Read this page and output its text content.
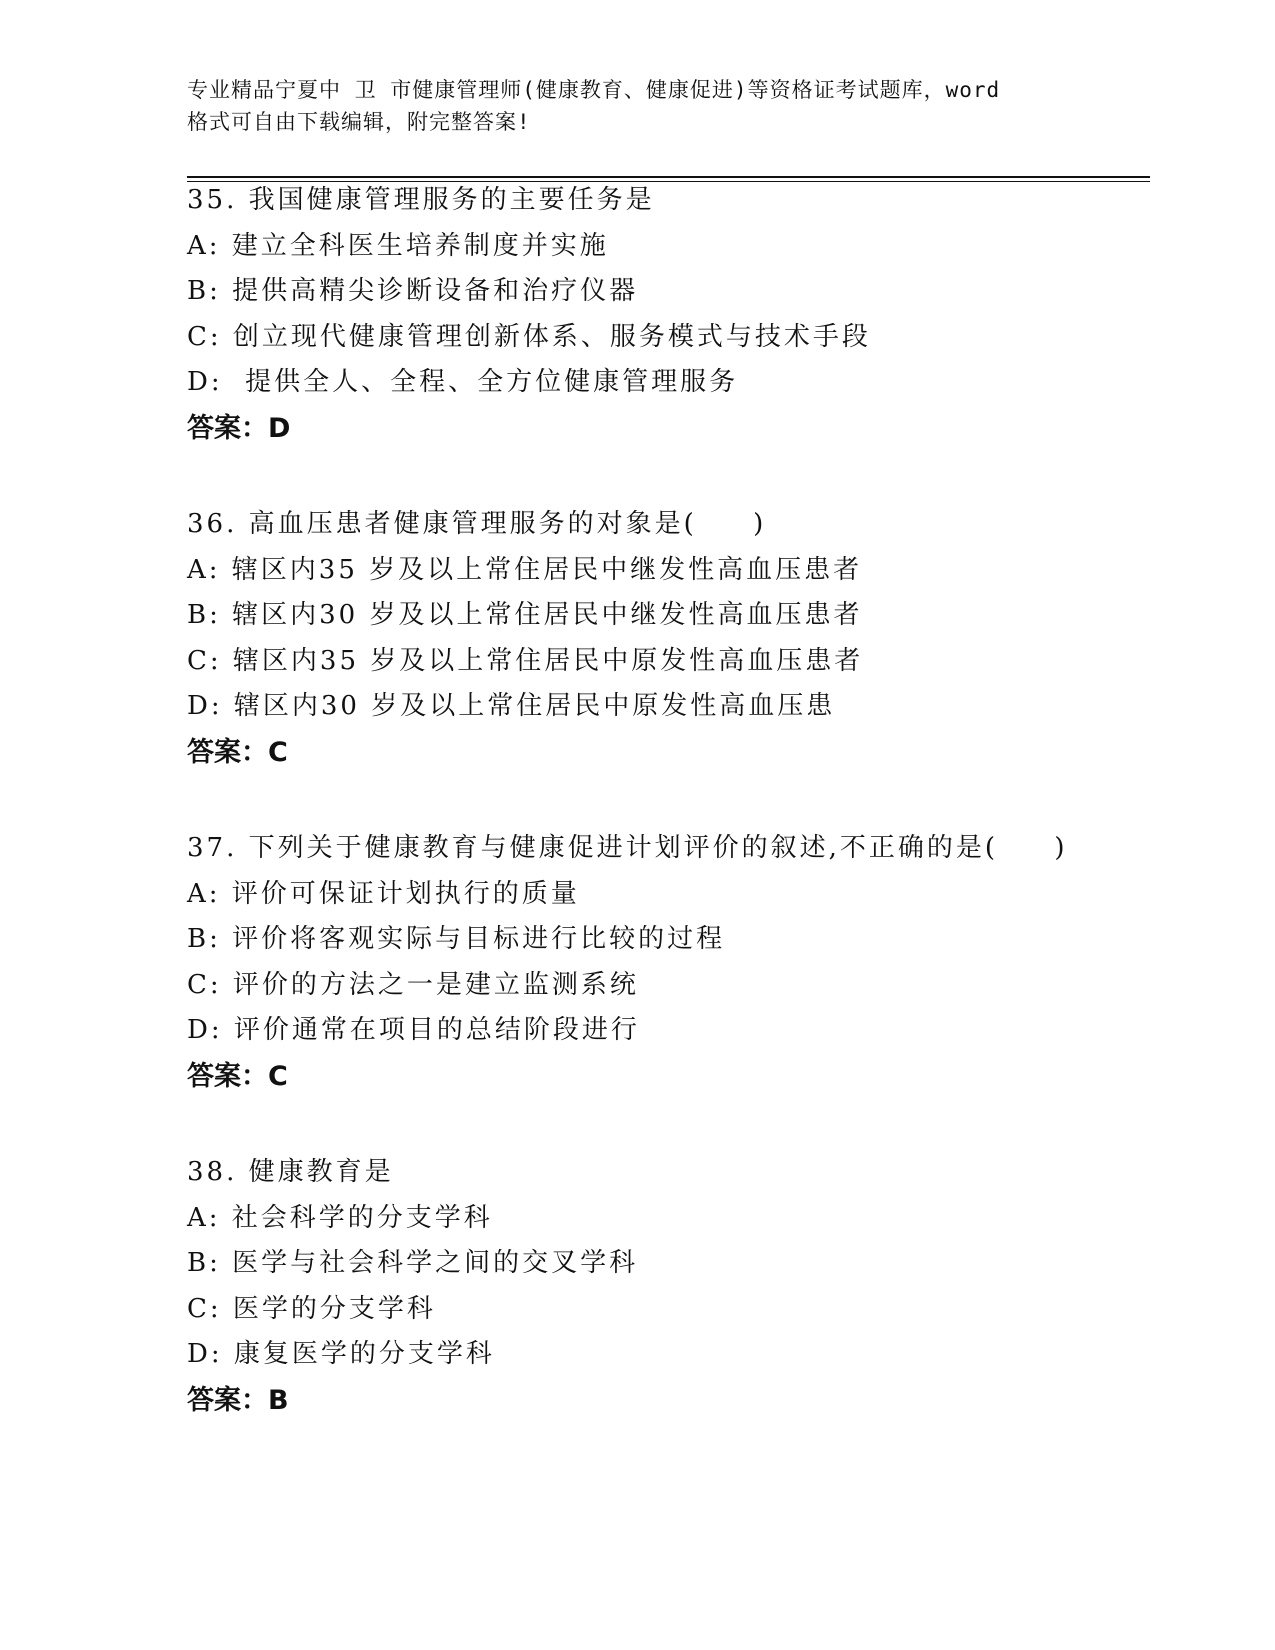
专业精品宁夏中 卫 市健康管理师(健康教育、健康促进)等资格证考试题库，word
格式可自由下载编辑，附完整答案!
35. 我国健康管理服务的主要任务是
A: 建立全科医生培养制度并实施
B: 提供高精尖诊断设备和治疗仪器
C: 创立现代健康管理创新体系、服务模式与技术手段
D:  提供全人、全程、全方位健康管理服务
答案：D
36. 高血压患者健康管理服务的对象是(     )
A: 辖区内35 岁及以上常住居民中继发性高血压患者
B: 辖区内30 岁及以上常住居民中继发性高血压患者
C: 辖区内35 岁及以上常住居民中原发性高血压患者
D: 辖区内30 岁及以上常住居民中原发性高血压患
答案：C
37. 下列关于健康教育与健康促进计划评价的叙述,不正确的是(     )
A: 评价可保证计划执行的质量
B: 评价将客观实际与目标进行比较的过程
C: 评价的方法之一是建立监测系统
D: 评价通常在项目的总结阶段进行
答案：C
38. 健康教育是
A: 社会科学的分支学科
B: 医学与社会科学之间的交叉学科
C: 医学的分支学科
D: 康复医学的分支学科
答案：B
